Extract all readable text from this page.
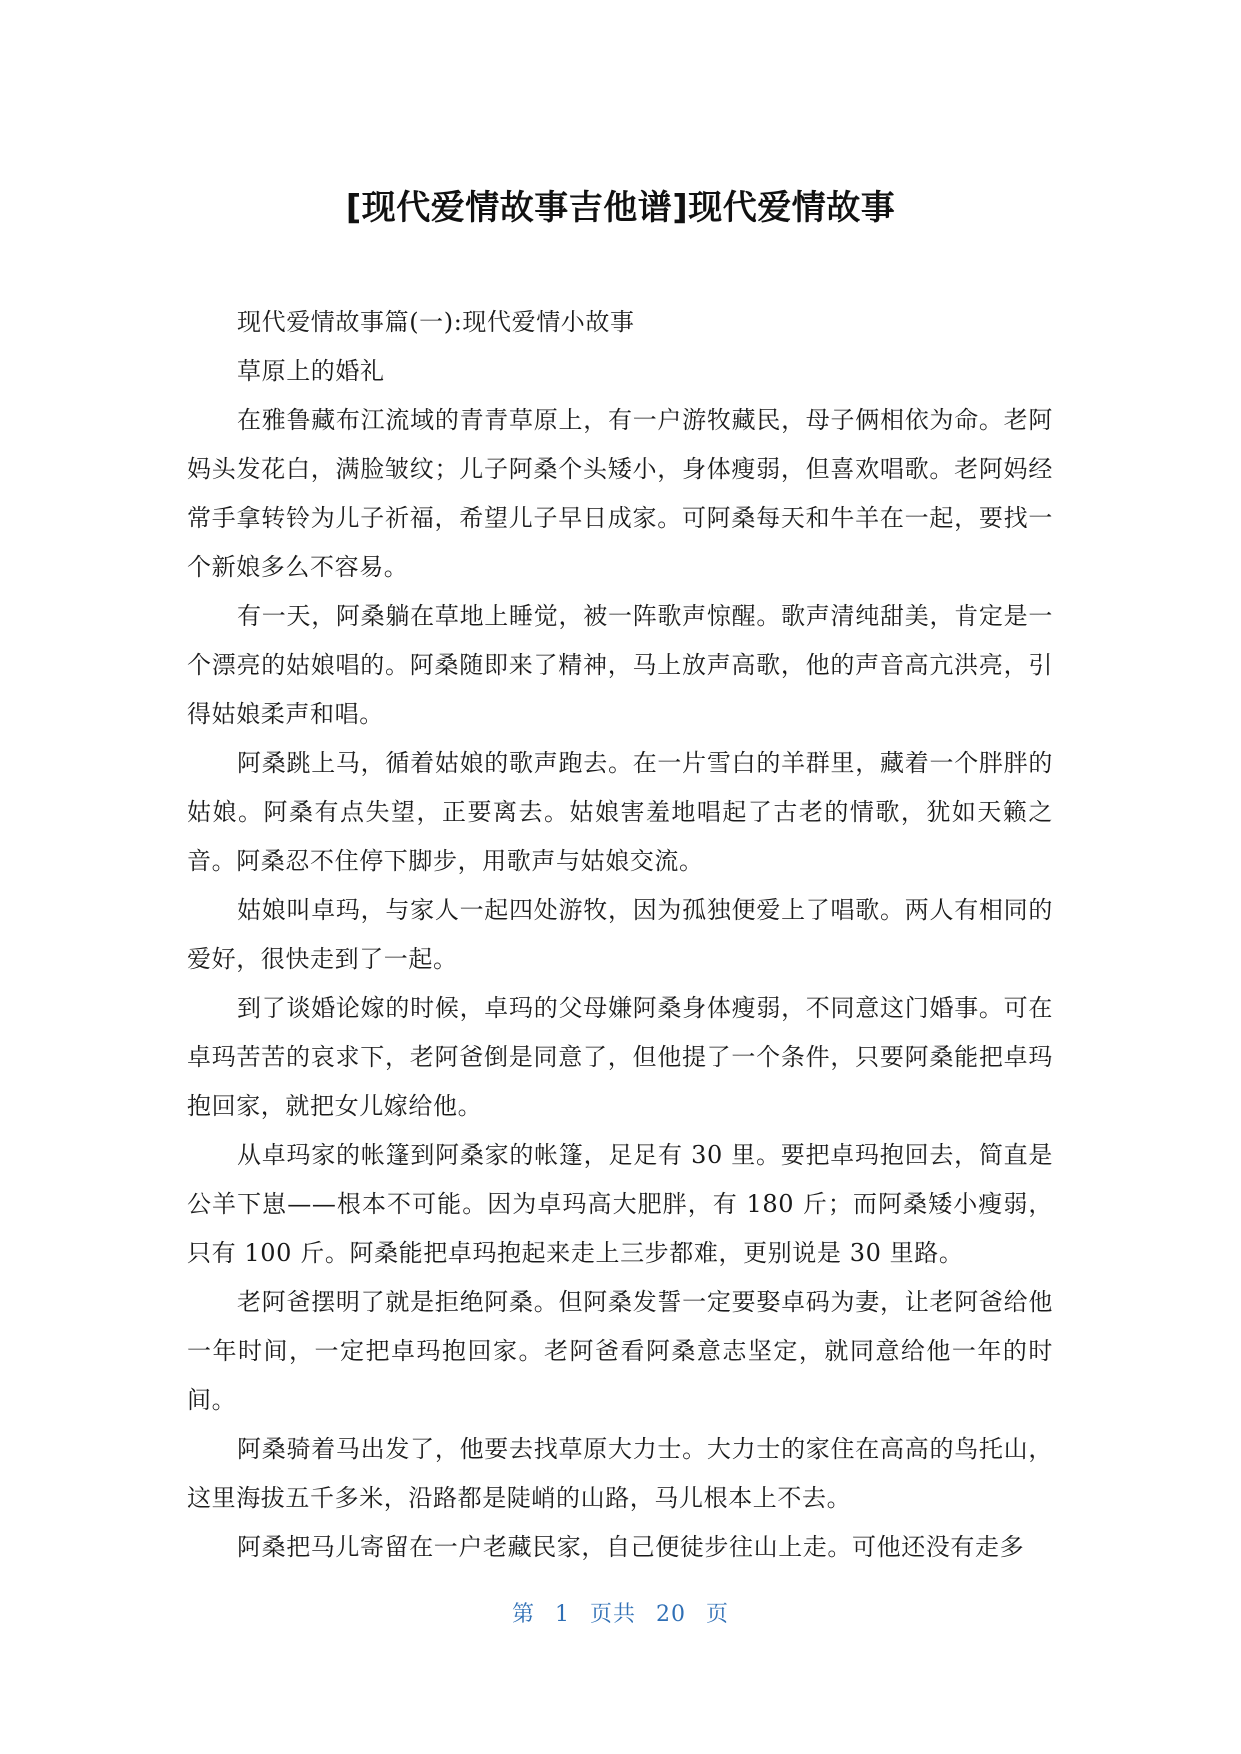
[现代爱情故事吉他谱]现代爱情故事

现代爱情故事篇(一):现代爱情小故事

草原上的婚礼

在雅鲁藏布江流域的青青草原上，有一户游牧藏民，母子俩相依为命。老阿妈头发花白，满脸皱纹；儿子阿桑个头矮小，身体瘦弱，但喜欢唱歌。老阿妈经常手拿转铃为儿子祈福，希望儿子早日成家。可阿桑每天和牛羊在一起，要找一个新娘多么不容易。

有一天，阿桑躺在草地上睡觉，被一阵歌声惊醒。歌声清纯甜美，肯定是一个漂亮的姑娘唱的。阿桑随即来了精神，马上放声高歌，他的声音高亢洪亮，引得姑娘柔声和唱。

阿桑跳上马，循着姑娘的歌声跑去。在一片雪白的羊群里，藏着一个胖胖的姑娘。阿桑有点失望，正要离去。姑娘害羞地唱起了古老的情歌，犹如天籁之音。阿桑忍不住停下脚步，用歌声与姑娘交流。

姑娘叫卓玛，与家人一起四处游牧，因为孤独便爱上了唱歌。两人有相同的爱好，很快走到了一起。

到了谈婚论嫁的时候，卓玛的父母嫌阿桑身体瘦弱，不同意这门婚事。可在卓玛苦苦的哀求下，老阿爸倒是同意了，但他提了一个条件，只要阿桑能把卓玛抱回家，就把女儿嫁给他。

从卓玛家的帐篷到阿桑家的帐篷，足足有 30 里。要把卓玛抱回去，简直是公羊下崽——根本不可能。因为卓玛高大肥胖，有 180 斤；而阿桑矮小瘦弱，只有 100 斤。阿桑能把卓玛抱起来走上三步都难，更别说是 30 里路。

老阿爸摆明了就是拒绝阿桑。但阿桑发誓一定要娶卓码为妻，让老阿爸给他一年时间，一定把卓玛抱回家。老阿爸看阿桑意志坚定，就同意给他一年的时间。

阿桑骑着马出发了，他要去找草原大力士。大力士的家住在高高的鸟托山，这里海拔五千多米，沿路都是陡峭的山路，马儿根本上不去。

阿桑把马儿寄留在一户老藏民家，自己便徒步往山上走。可他还没有走多

第 1 页共 20 页
